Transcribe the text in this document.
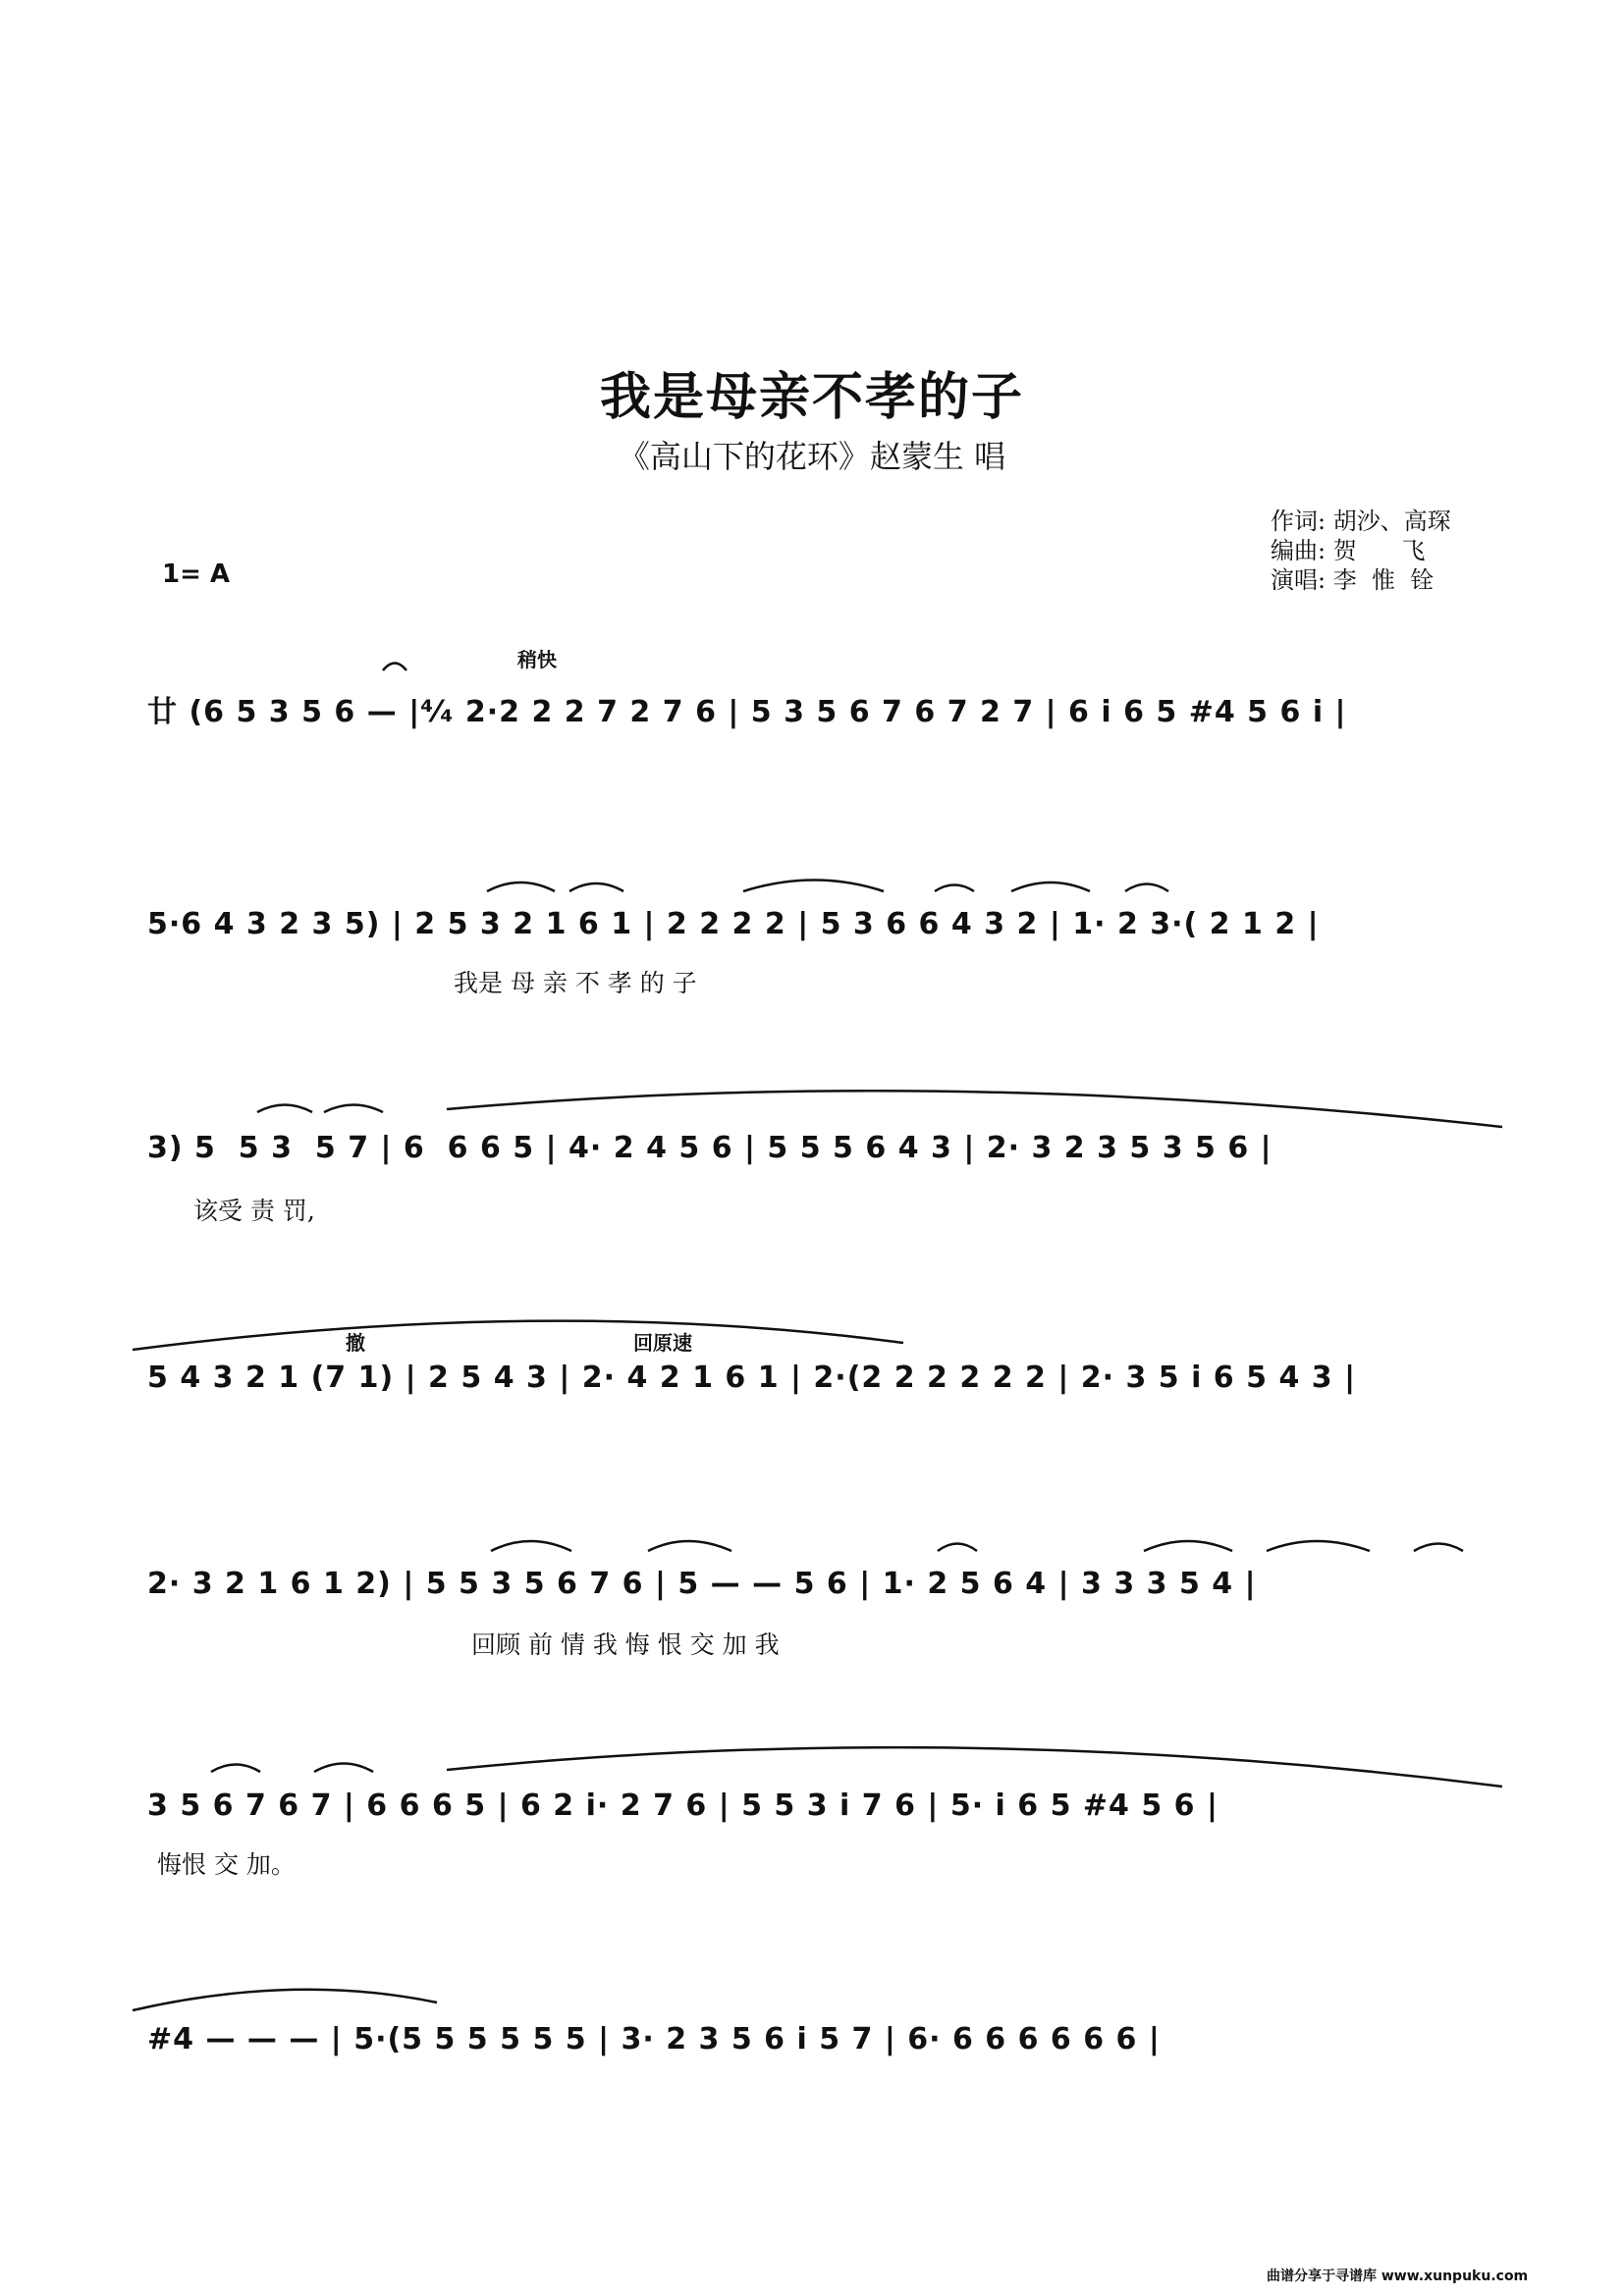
我是母亲不孝的子
《高山下的花环》赵蒙生 唱
作词: 胡沙、高琛
编曲: 贺      飞
演唱: 李  惟  铨
1= A
稍快
撤	回原速
廿 (6 5 3 5 6 — |⁴⁄₄ 2·2 2 2 7 2 7 6 | 5 3 5 6 7 6 7 2 7 | 6 i 6 5 #4 5 6 i |
5·6 4 3 2 3 5) | 2 5 3 2 1 6 1 | 2 2 2 2 | 5 3 6 6 4 3 2 | 1· 2 3·( 2 1 2 |
我是 母 亲 不 孝 的 子
3) 5  5 3  5 7 | 6  6 6 5 | 4· 2 4 5 6 | 5 5 5 6 4 3 | 2· 3 2 3 5 3 5 6 |
该受 责 罚,
5 4 3 2 1 (7 1) | 2 5 4 3 | 2· 4 2 1 6 1 | 2·(2 2 2 2 2 2 | 2· 3 5 i 6 5 4 3 |
2· 3 2 1 6 1 2) | 5 5 3 5 6 7 6 | 5 — — 5 6 | 1· 2 5 6 4 | 3 3 3 5 4 |
回顾 前 情 我 悔 恨 交 加 我
3 5 6 7 6 7 | 6 6 6 5 | 6 2 i· 2 7 6 | 5 5 3 i 7 6 | 5· i 6 5 #4 5 6 |
悔恨 交 加。
#4 — — — | 5·(5 5 5 5 5 5 | 3· 2 3 5 6 i 5 7 | 6· 6 6 6 6 6 6 |
曲谱分享于寻谱库 www.xunpuku.com
